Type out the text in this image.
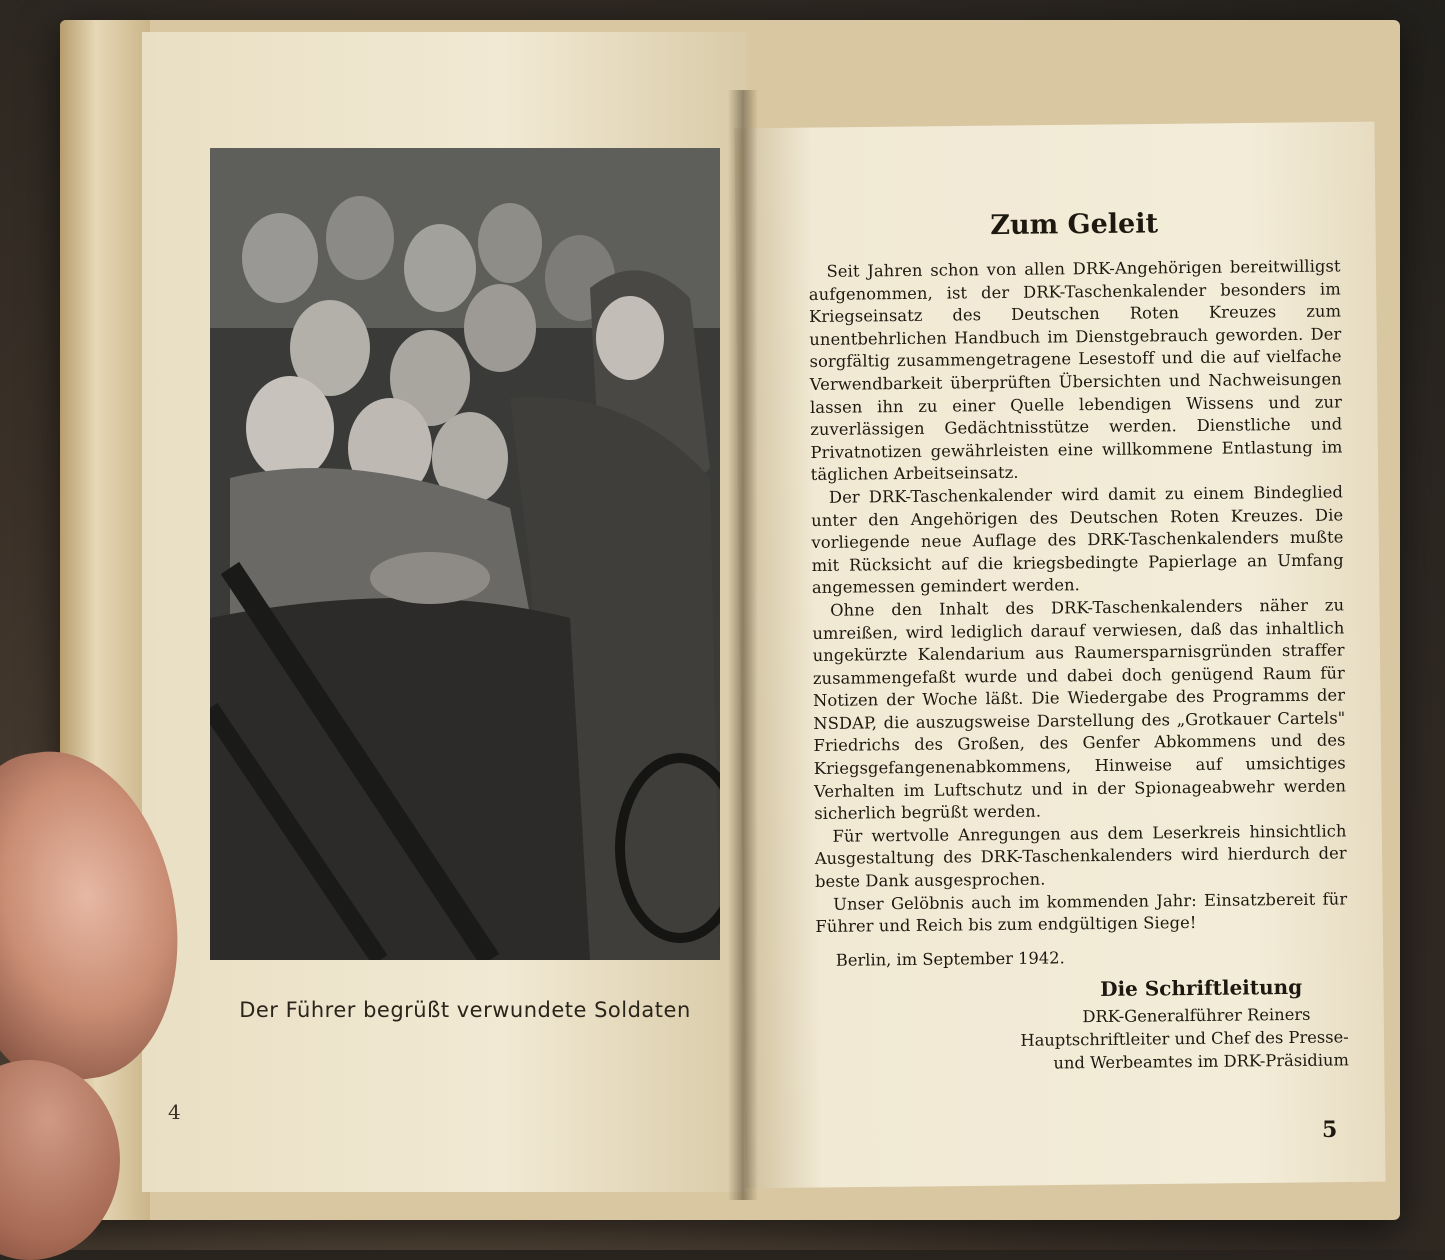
Der Führer begrüßt verwundete Soldaten
4
Zum Geleit

Seit Jahren schon von allen DRK-Angehörigen bereitwilligst aufgenommen, ist der DRK-Taschenkalender besonders im Kriegseinsatz des Deutschen Roten Kreuzes zum unentbehrlichen Handbuch im Dienstgebrauch geworden. Der sorgfältig zusammengetragene Lesestoff und die auf vielfache Verwendbarkeit überprüften Übersichten und Nachweisungen lassen ihn zu einer Quelle lebendigen Wissens und zur zuverlässigen Gedächtnisstütze werden. Dienstliche und Privatnotizen gewährleisten eine willkommene Entlastung im täglichen Arbeitseinsatz.

Der DRK-Taschenkalender wird damit zu einem Bindeglied unter den Angehörigen des Deutschen Roten Kreuzes. Die vorliegende neue Auflage des DRK-Taschenkalenders mußte mit Rücksicht auf die kriegsbedingte Papierlage an Umfang angemessen gemindert werden.

Ohne den Inhalt des DRK-Taschenkalenders näher zu umreißen, wird lediglich darauf verwiesen, daß das inhaltlich ungekürzte Kalendarium aus Raumersparnisgründen straffer zusammengefaßt wurde und dabei doch genügend Raum für Notizen der Woche läßt. Die Wiedergabe des Programms der NSDAP, die auszugsweise Darstellung des „Grotkauer Cartels" Friedrichs des Großen, des Genfer Abkommens und des Kriegsgefangenenabkommens, Hinweise auf umsichtiges Verhalten im Luftschutz und in der Spionageabwehr werden sicherlich begrüßt werden.

Für wertvolle Anregungen aus dem Leserkreis hinsichtlich Ausgestaltung des DRK-Taschenkalenders wird hierdurch der beste Dank ausgesprochen.

Unser Gelöbnis auch im kommenden Jahr: Einsatzbereit für Führer und Reich bis zum endgültigen Siege!

Berlin, im September 1942.
Die Schriftleitung
DRK-Generalführer Reiners
Hauptschriftleiter und Chef des Presse-
und Werbeamtes im DRK-Präsidium
5
